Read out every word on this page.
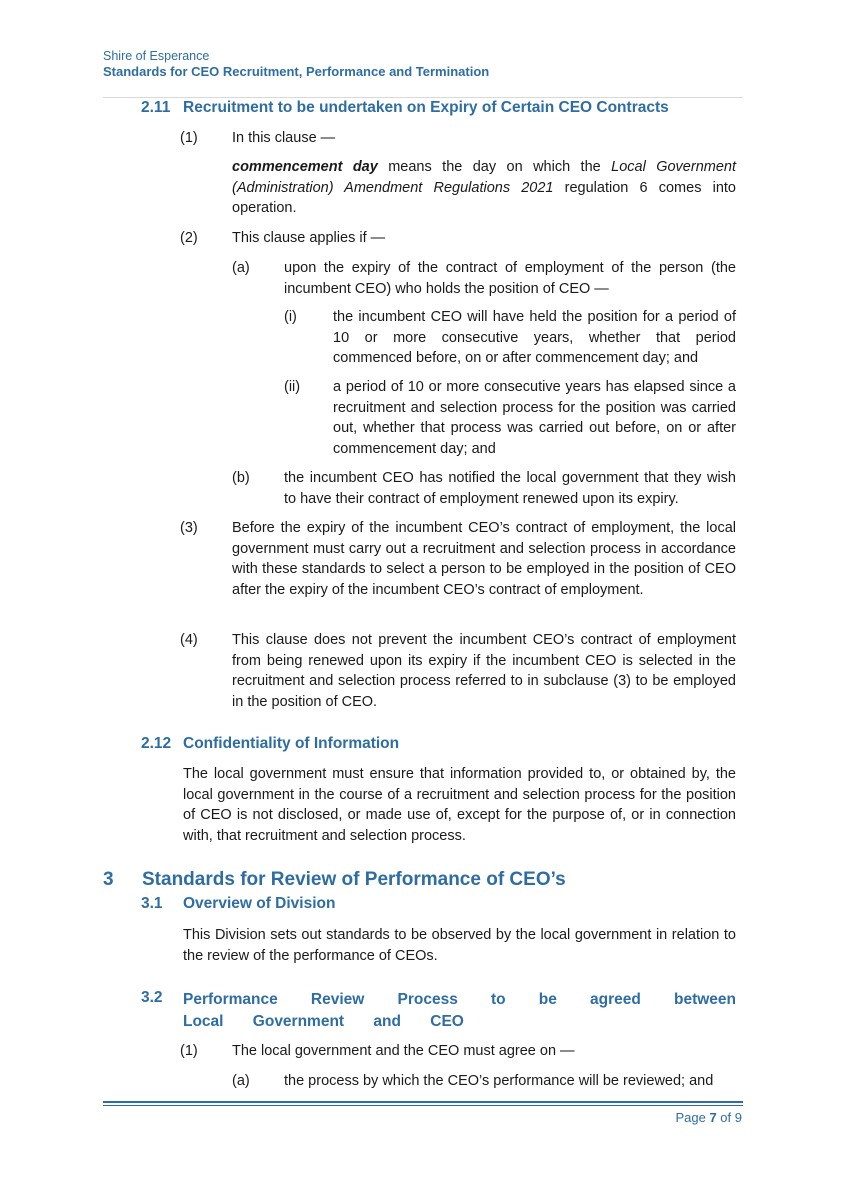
Shire of Esperance
Standards for CEO Recruitment, Performance and Termination
2.11 Recruitment to be undertaken on Expiry of Certain CEO Contracts
(1) In this clause —
commencement day means the day on which the Local Government (Administration) Amendment Regulations 2021 regulation 6 comes into operation.
(2) This clause applies if —
(a) upon the expiry of the contract of employment of the person (the incumbent CEO) who holds the position of CEO —
(i) the incumbent CEO will have held the position for a period of 10 or more consecutive years, whether that period commenced before, on or after commencement day; and
(ii) a period of 10 or more consecutive years has elapsed since a recruitment and selection process for the position was carried out, whether that process was carried out before, on or after commencement day; and
(b) the incumbent CEO has notified the local government that they wish to have their contract of employment renewed upon its expiry.
(3) Before the expiry of the incumbent CEO’s contract of employment, the local government must carry out a recruitment and selection process in accordance with these standards to select a person to be employed in the position of CEO after the expiry of the incumbent CEO’s contract of employment.
(4) This clause does not prevent the incumbent CEO’s contract of employment from being renewed upon its expiry if the incumbent CEO is selected in the recruitment and selection process referred to in subclause (3) to be employed in the position of CEO.
2.12 Confidentiality of Information
The local government must ensure that information provided to, or obtained by, the local government in the course of a recruitment and selection process for the position of CEO is not disclosed, or made use of, except for the purpose of, or in connection with, that recruitment and selection process.
3 Standards for Review of Performance of CEO’s
3.1 Overview of Division
This Division sets out standards to be observed by the local government in relation to the review of the performance of CEOs.
3.2 Performance Review Process to be agreed between Local Government and CEO
(1) The local government and the CEO must agree on —
(a) the process by which the CEO’s performance will be reviewed; and
Page 7 of 9
